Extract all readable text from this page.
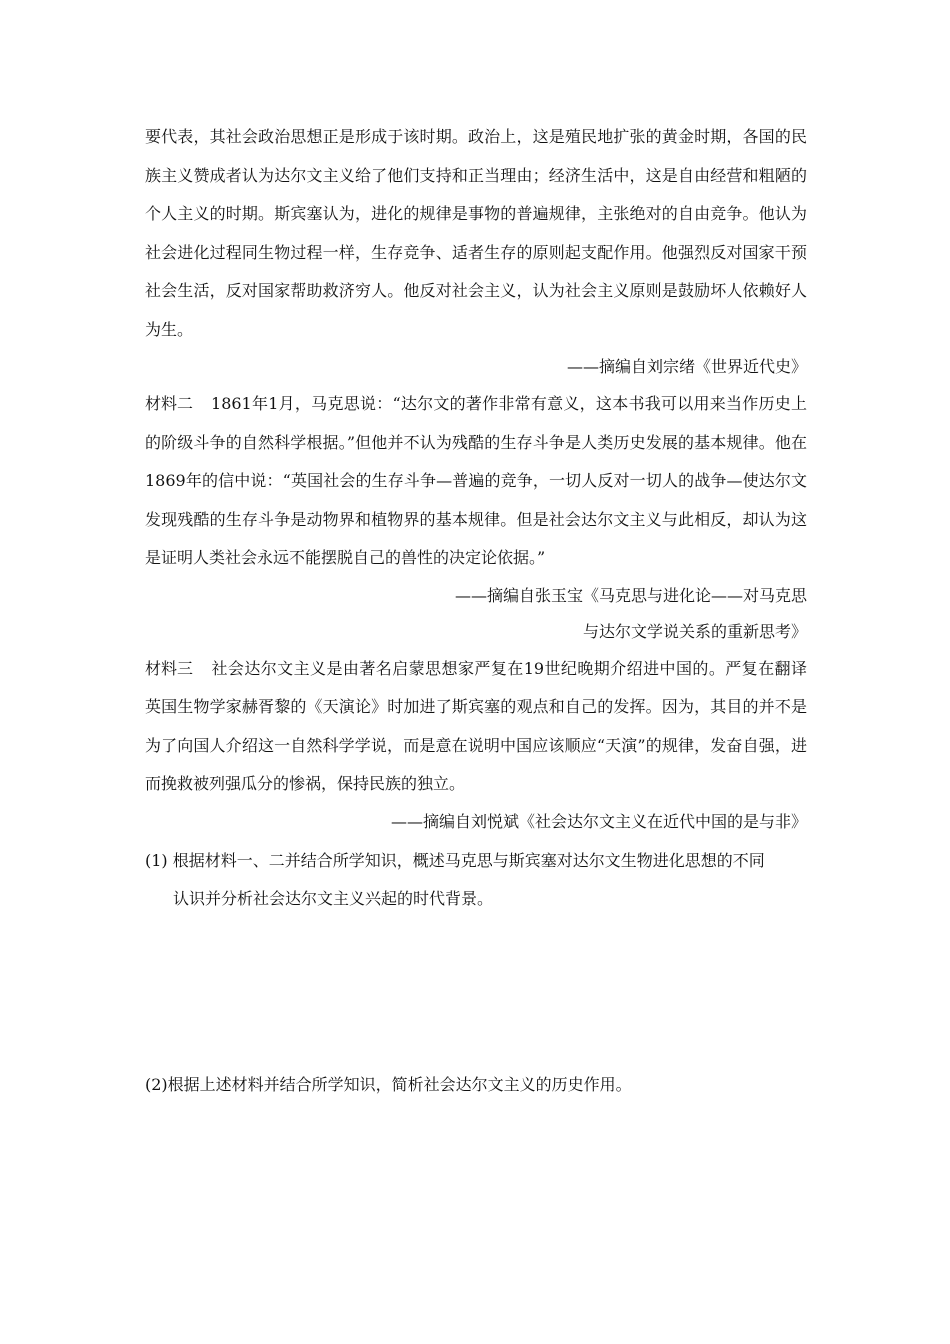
要代表，其社会政治思想正是形成于该时期。政治上，这是殖民地扩张的黄金时期，各国的民族主义赞成者认为达尔文主义给了他们支持和正当理由；经济生活中，这是自由经营和粗陋的个人主义的时期。斯宾塞认为，进化的规律是事物的普遍规律，主张绝对的自由竞争。他认为社会进化过程同生物过程一样，生存竞争、适者生存的原则起支配作用。他强烈反对国家干预社会生活，反对国家帮助救济穷人。他反对社会主义，认为社会主义原则是鼓励坏人依赖好人为生。

——摘编自刘宗绪《世界近代史》

材料二 1861年1月，马克思说：“达尔文的著作非常有意义，这本书我可以用来当作历史上的阶级斗争的自然科学根据。”但他并不认为残酷的生存斗争是人类历史发展的基本规律。他在1869年的信中说：“英国社会的生存斗争—普遍的竞争，一切人反对一切人的战争—使达尔文发现残酷的生存斗争是动物界和植物界的基本规律。但是社会达尔文主义与此相反，却认为这是证明人类社会永远不能摆脱自己的兽性的决定论依据。”

——摘编自张玉宝《马克思与进化论——对马克思

与达尔文学说关系的重新思考》

材料三 社会达尔文主义是由著名启蒙思想家严复在19世纪晚期介绍进中国的。严复在翻译英国生物学家赫胥黎的《天演论》时加进了斯宾塞的观点和自己的发挥。因为，其目的并不是为了向国人介绍这一自然科学学说，而是意在说明中国应该顺应“天演”的规律，发奋自强，进而挽救被列强瓜分的惨祸，保持民族的独立。

——摘编自刘悦斌《社会达尔文主义在近代中国的是与非》

(1) 根据材料一、二并结合所学知识，概述马克思与斯宾塞对达尔文生物进化思想的不同
认识并分析社会达尔文主义兴起的时代背景。

(2)根据上述材料并结合所学知识，简析社会达尔文主义的历史作用。
